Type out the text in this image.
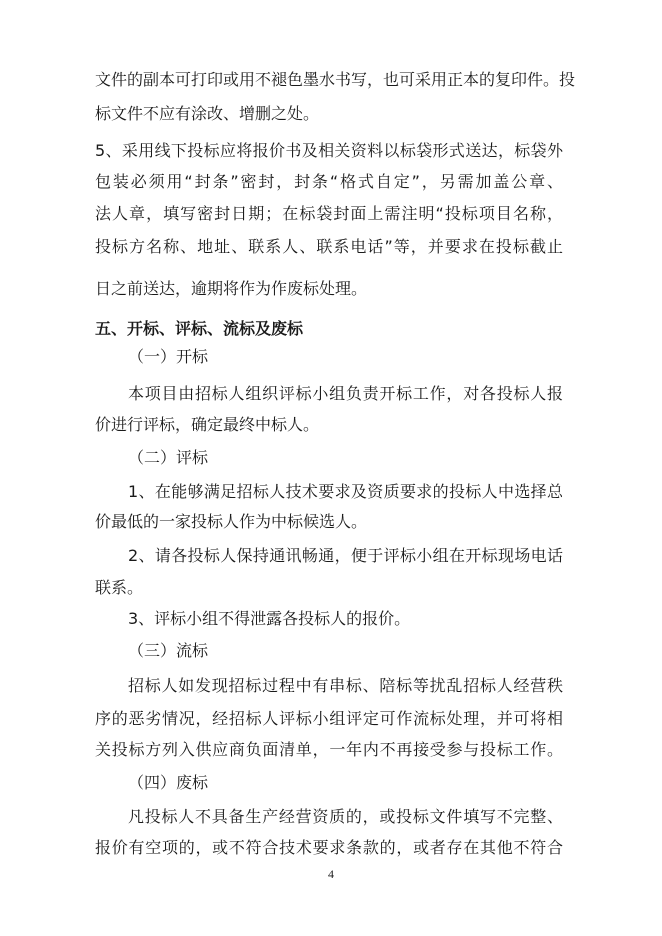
文件的副本可打印或用不褪色墨水书写，也可采用正本的复印件。投
标文件不应有涂改、增删之处。
5、采用线下投标应将报价书及相关资料以标袋形式送达，标袋外
包装必须用“封条”密封，封条“格式自定”，另需加盖公章、
法人章，填写密封日期；在标袋封面上需注明“投标项目名称，
投标方名称、地址、联系人、联系电话”等，并要求在投标截止
日之前送达，逾期将作为作废标处理。
五、开标、评标、流标及废标
（一）开标
本项目由招标人组织评标小组负责开标工作，对各投标人报
价进行评标，确定最终中标人。
（二）评标
1、在能够满足招标人技术要求及资质要求的投标人中选择总
价最低的一家投标人作为中标候选人。
2、请各投标人保持通讯畅通，便于评标小组在开标现场电话
联系。
3、评标小组不得泄露各投标人的报价。
（三）流标
招标人如发现招标过程中有串标、陪标等扰乱招标人经营秩
序的恶劣情况，经招标人评标小组评定可作流标处理，并可将相
关投标方列入供应商负面清单，一年内不再接受参与投标工作。
（四）废标
凡投标人不具备生产经营资质的，或投标文件填写不完整、
报价有空项的，或不符合技术要求条款的，或者存在其他不符合
4
